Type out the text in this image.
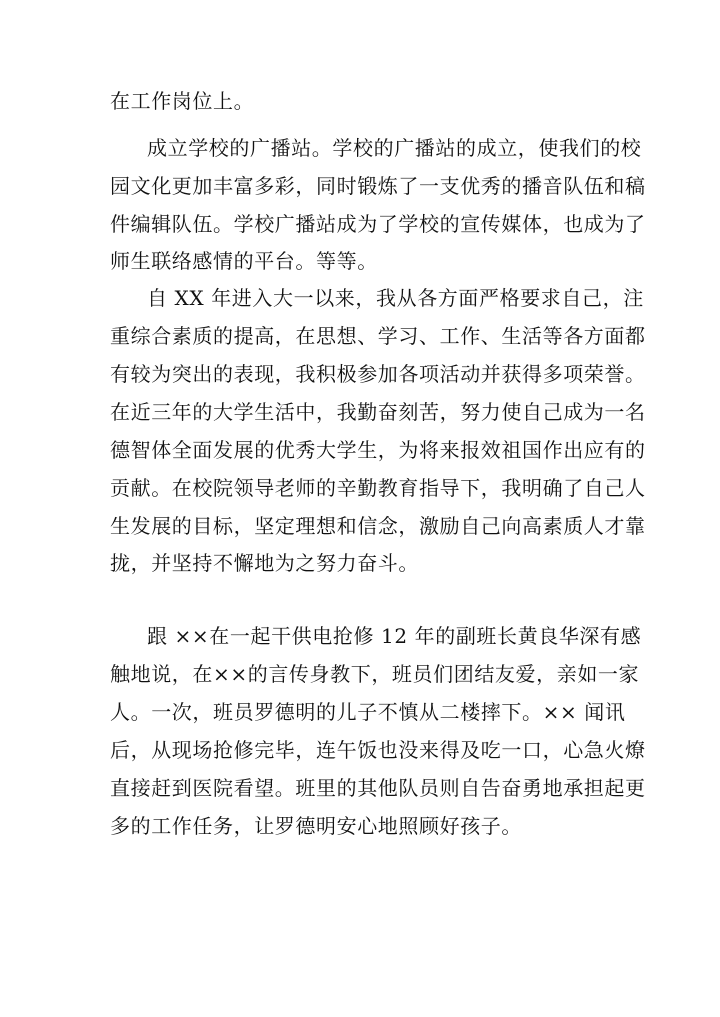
在工作岗位上。
成立学校的广播站。学校的广播站的成立，使我们的校
园文化更加丰富多彩，同时锻炼了一支优秀的播音队伍和稿
件编辑队伍。学校广播站成为了学校的宣传媒体，也成为了
师生联络感情的平台。等等。
自 XX 年进入大一以来，我从各方面严格要求自己，注
重综合素质的提高，在思想、学习、工作、生活等各方面都
有较为突出的表现，我积极参加各项活动并获得多项荣誉。
在近三年的大学生活中，我勤奋刻苦，努力使自己成为一名
德智体全面发展的优秀大学生，为将来报效祖国作出应有的
贡献。在校院领导老师的辛勤教育指导下，我明确了自己人
生发展的目标，坚定理想和信念，激励自己向高素质人才靠
拢，并坚持不懈地为之努力奋斗。
跟 ××在一起干供电抢修 12 年的副班长黄良华深有感
触地说，在××的言传身教下，班员们团结友爱，亲如一家
人。一次，班员罗德明的儿子不慎从二楼摔下。×× 闻讯
后，从现场抢修完毕，连午饭也没来得及吃一口，心急火燎
直接赶到医院看望。班里的其他队员则自告奋勇地承担起更
多的工作任务，让罗德明安心地照顾好孩子。
